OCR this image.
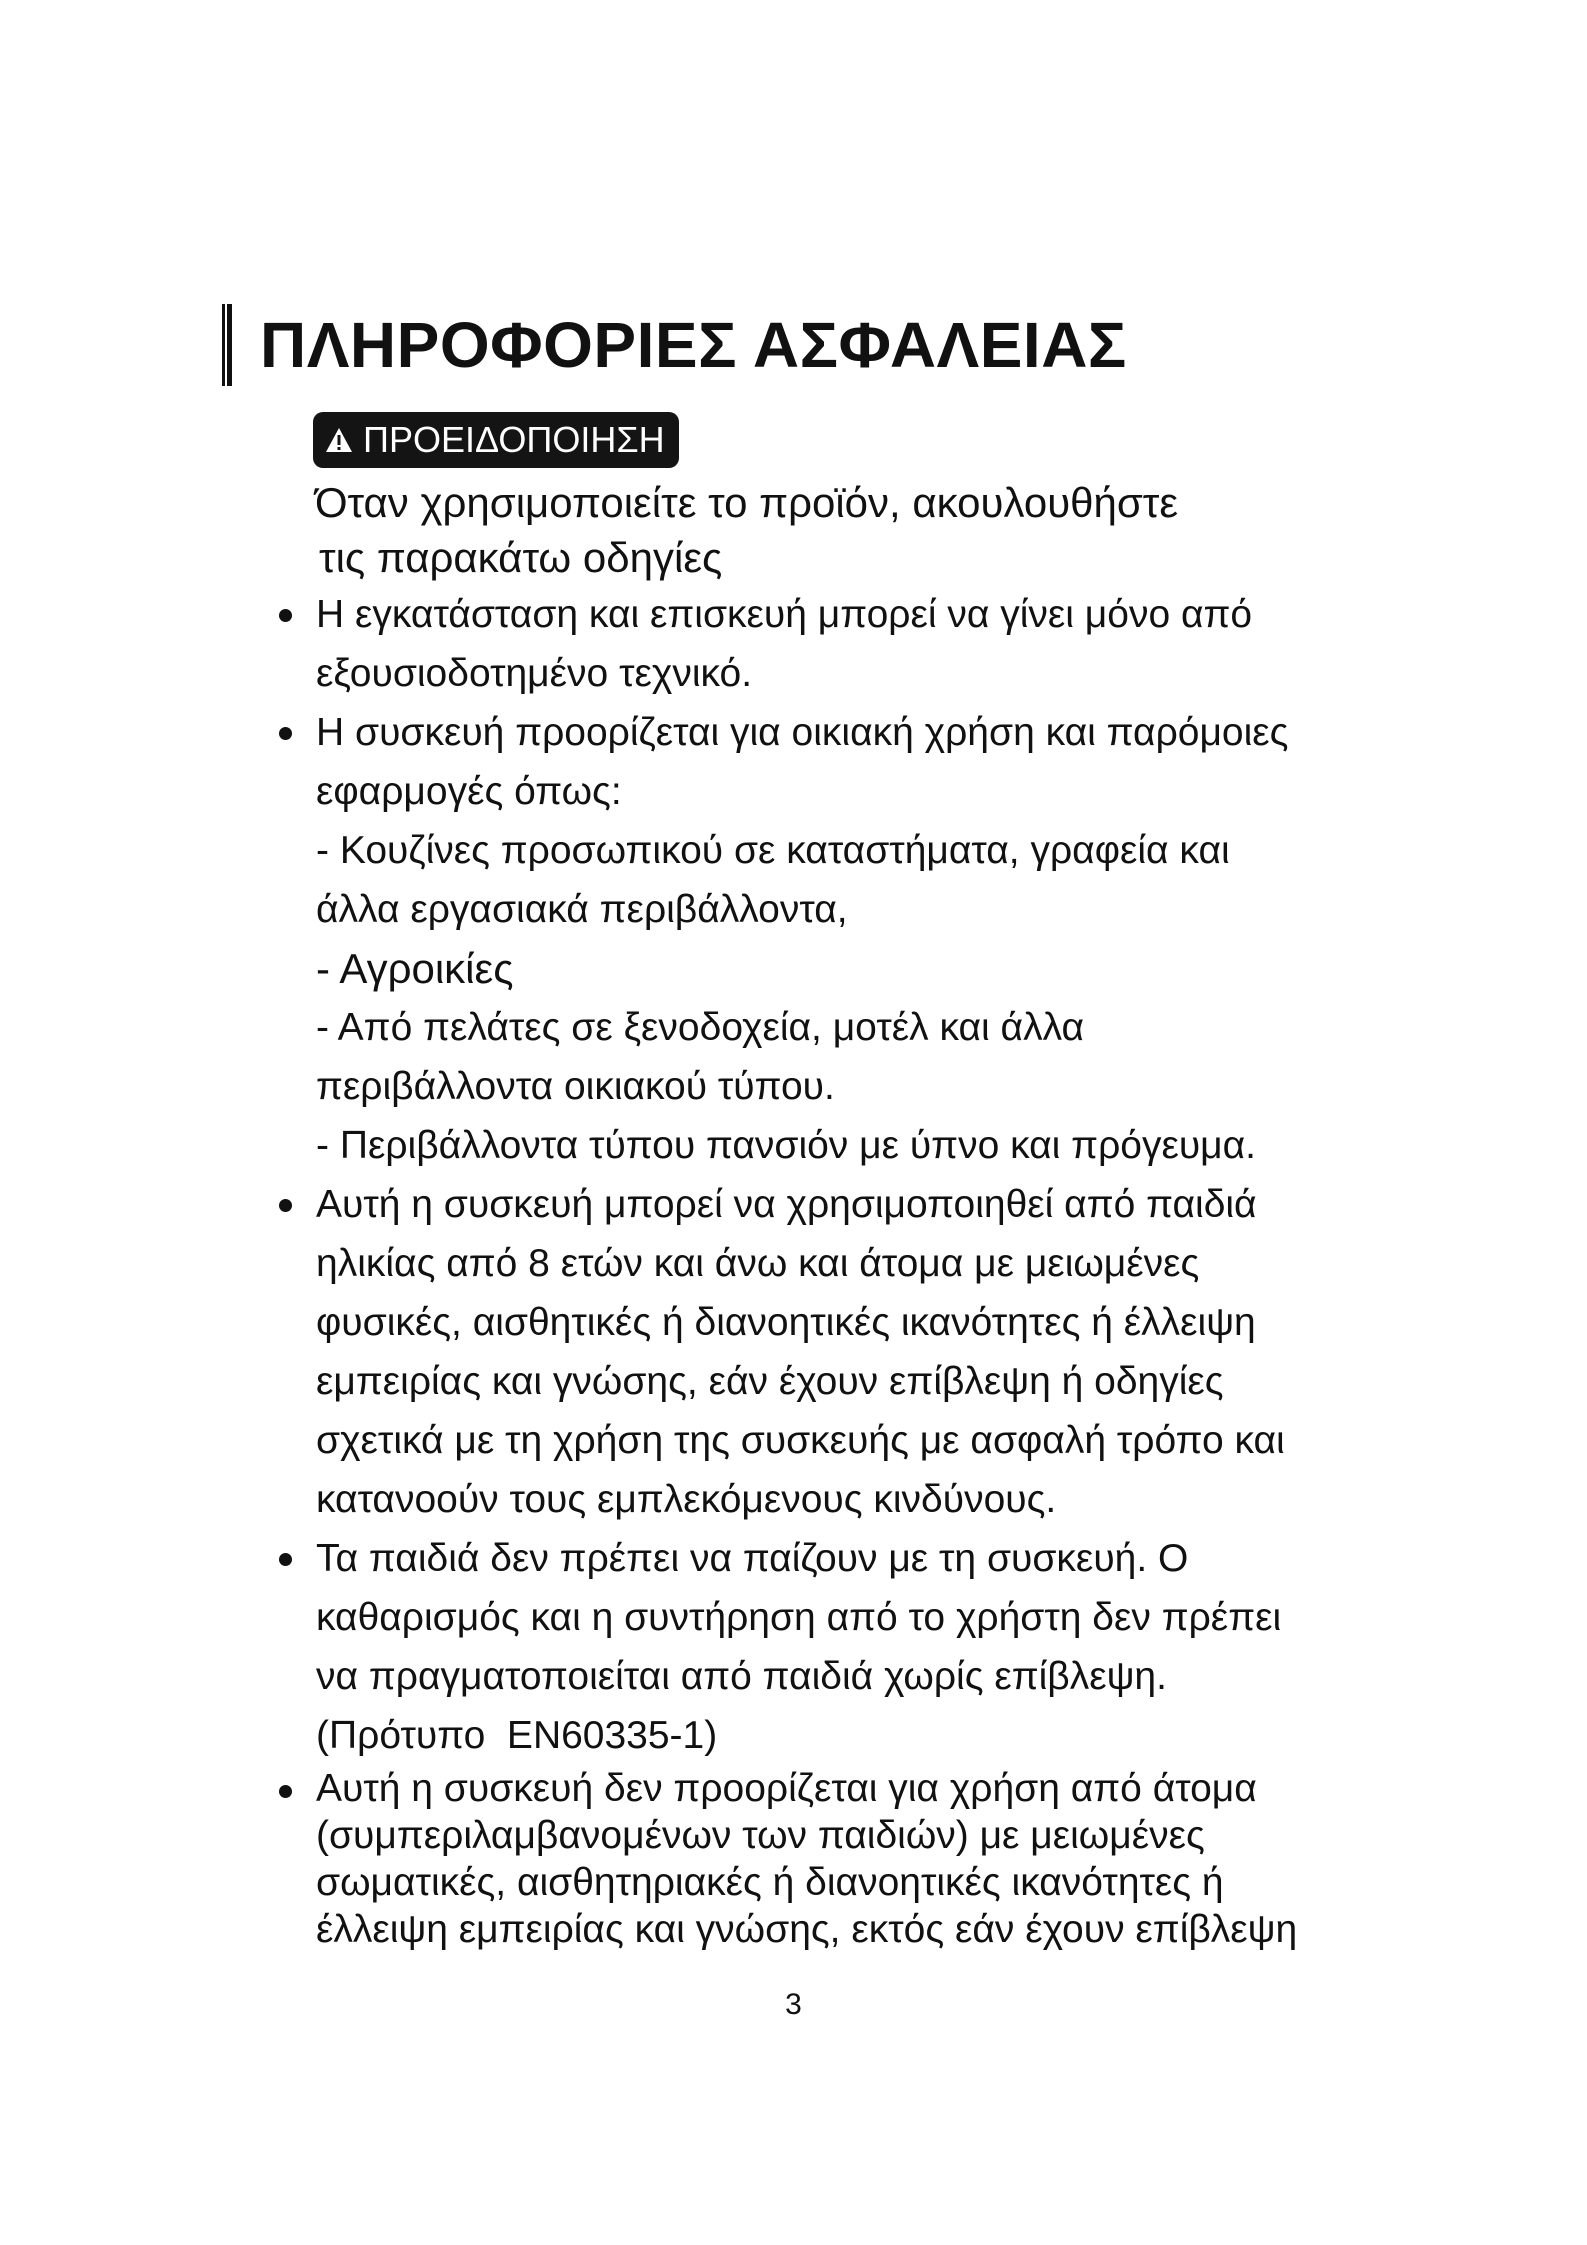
ΠΛΗΡΟΦΟΡΙΕΣ ΑΣΦΑΛΕΙΑΣ
ΠΡΟΕΙΔΟΠΟΙΗΣΗ
Όταν χρησιμοποιείτε το προϊόν, ακουλουθήστε
τις παρακάτω οδηγίες
Η εγκατάσταση και επισκευή μπορεί να γίνει μόνο από
εξουσιοδοτημένο τεχνικό.
Η συσκευή προορίζεται για οικιακή χρήση και παρόμοιες
εφαρμογές όπως:
- Κουζίνες προσωπικού σε καταστήματα, γραφεία και
άλλα εργασιακά περιβάλλοντα,
- Αγροικίες
- Από πελάτες σε ξενοδοχεία, μοτέλ και άλλα
περιβάλλοντα οικιακού τύπου.
- Περιβάλλοντα τύπου πανσιόν με ύπνο και πρόγευμα.
Αυτή η συσκευή μπορεί να χρησιμοποιηθεί από παιδιά
ηλικίας από 8 ετών και άνω και άτομα με μειωμένες
φυσικές, αισθητικές ή διανοητικές ικανότητες ή έλλειψη
εμπειρίας και γνώσης, εάν έχουν επίβλεψη ή οδηγίες
σχετικά με τη χρήση της συσκευής με ασφαλή τρόπο και
κατανοούν τους εμπλεκόμενους κινδύνους.
Τα παιδιά δεν πρέπει να παίζουν με τη συσκευή. Ο
καθαρισμός και η συντήρηση από το χρήστη δεν πρέπει
να πραγματοποιείται από παιδιά χωρίς επίβλεψη.
(Πρότυπο  EN60335-1)
Αυτή η συσκευή δεν προορίζεται για χρήση από άτομα
(συμπεριλαμβανομένων των παιδιών) με μειωμένες
σωματικές, αισθητηριακές ή διανοητικές ικανότητες ή
έλλειψη εμπειρίας και γνώσης, εκτός εάν έχουν επίβλεψη
3
